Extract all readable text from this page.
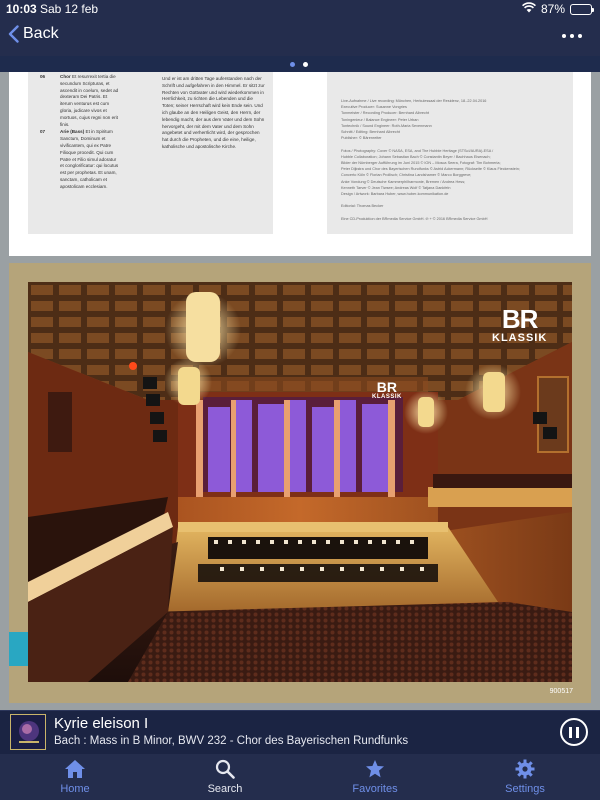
10:03 Sab 12 feb	87%
Back
06	Chor Et resurrexit tertia die secundum Scripturas, et ascendit in coelum, sedet ad dexteram Dei Patris. Et iterum venturus est cum gloria, judicare vivos et mortuos, cujus regni non erit finis.
07	Arie (Bass) Et in Spiritum Sanctum, Dominum et vivificantem, qui ex Patre Filioque procedit. Qui cum Patre et Filio simul adoratur et conglorificatur: qui locutus est per prophetas. Et unam, sanctam, catholicam et apostolicam ecclesiam.
Und er ist am dritten Tage auferstanden nach der Schrift und aufgefahren in den Himmel. Er sitzt zur Rechten von Gottvater und wird wiederkommen in Herrlichkeit, zu richten die Lebenden und die Toten; seiner Herrschaft wird kein Ende sein. Und ich glaube an den Heiligen Geist, den Herrn, der lebendig macht, der aus dem Vater und dem Sohn hervorgeht, der mit dem Vater und dem Sohn angebetet und verherrlicht wird, der gesprochen hat durch die Propheten, und die eine, heilige, katholische und apostolische Kirche.
Live-Aufnahme / Live recording: München, Herkulessaal der Residenz, 18.-22.04.2016
Executive Producer: Susanne Vongries
Tonmeister / Recording Producer: Bernhard Albrecht
Toningenieur / Balance Engineer: Peter Urban
Tontechnik / Sound Engineer: Roth-Maria Sevenmann
Schnitt / Editing: Bernhard Albrecht
Publisher: © Bärenreiter

Fotos / Photography: Cover © NASA, ESA, and The Hubble Heritage (STScI/AURA)-ESA /
Hubble Collaboration; Johann Sebastian Bach © Constantin Beyer / Bachhaus Eisenach;
Bilder der Nürnberger Aufführung im Juni 2015 © ION – Mosca Seera, Fotograf: Tim Bohmeria;
Peter Dijkstra und Chor des Bayerischen Rundfunks © Astrid Ackermann; Rückseite © Klaus Fleckenstein;
Concerto Köln © Florian Prollisch; Christina Landshamer © Marco Borggreve;
Anke Vondung © Deutsche Kammerphilharmonie, Bremen / Andrea Hess;
Kenneth Tarver © Jean Tiwsee; Andreas Wolf © Tatjana Dankfeln
Design / Artwork: Barbara Huber, www.huber-kommunikation.de

Editorial: Thomas Becker

Eine CD-Produktion der BRmedia Service GmbH. ℗ + © 2016 BRmedia Service GmbH
BR
KLASSIK
BR
KLASSIK
900517
Kyrie eleison I
Bach : Mass in B Minor, BWV 232 - Chor des Bayerischen Rundfunks
Home	Search	Favorites	Settings
